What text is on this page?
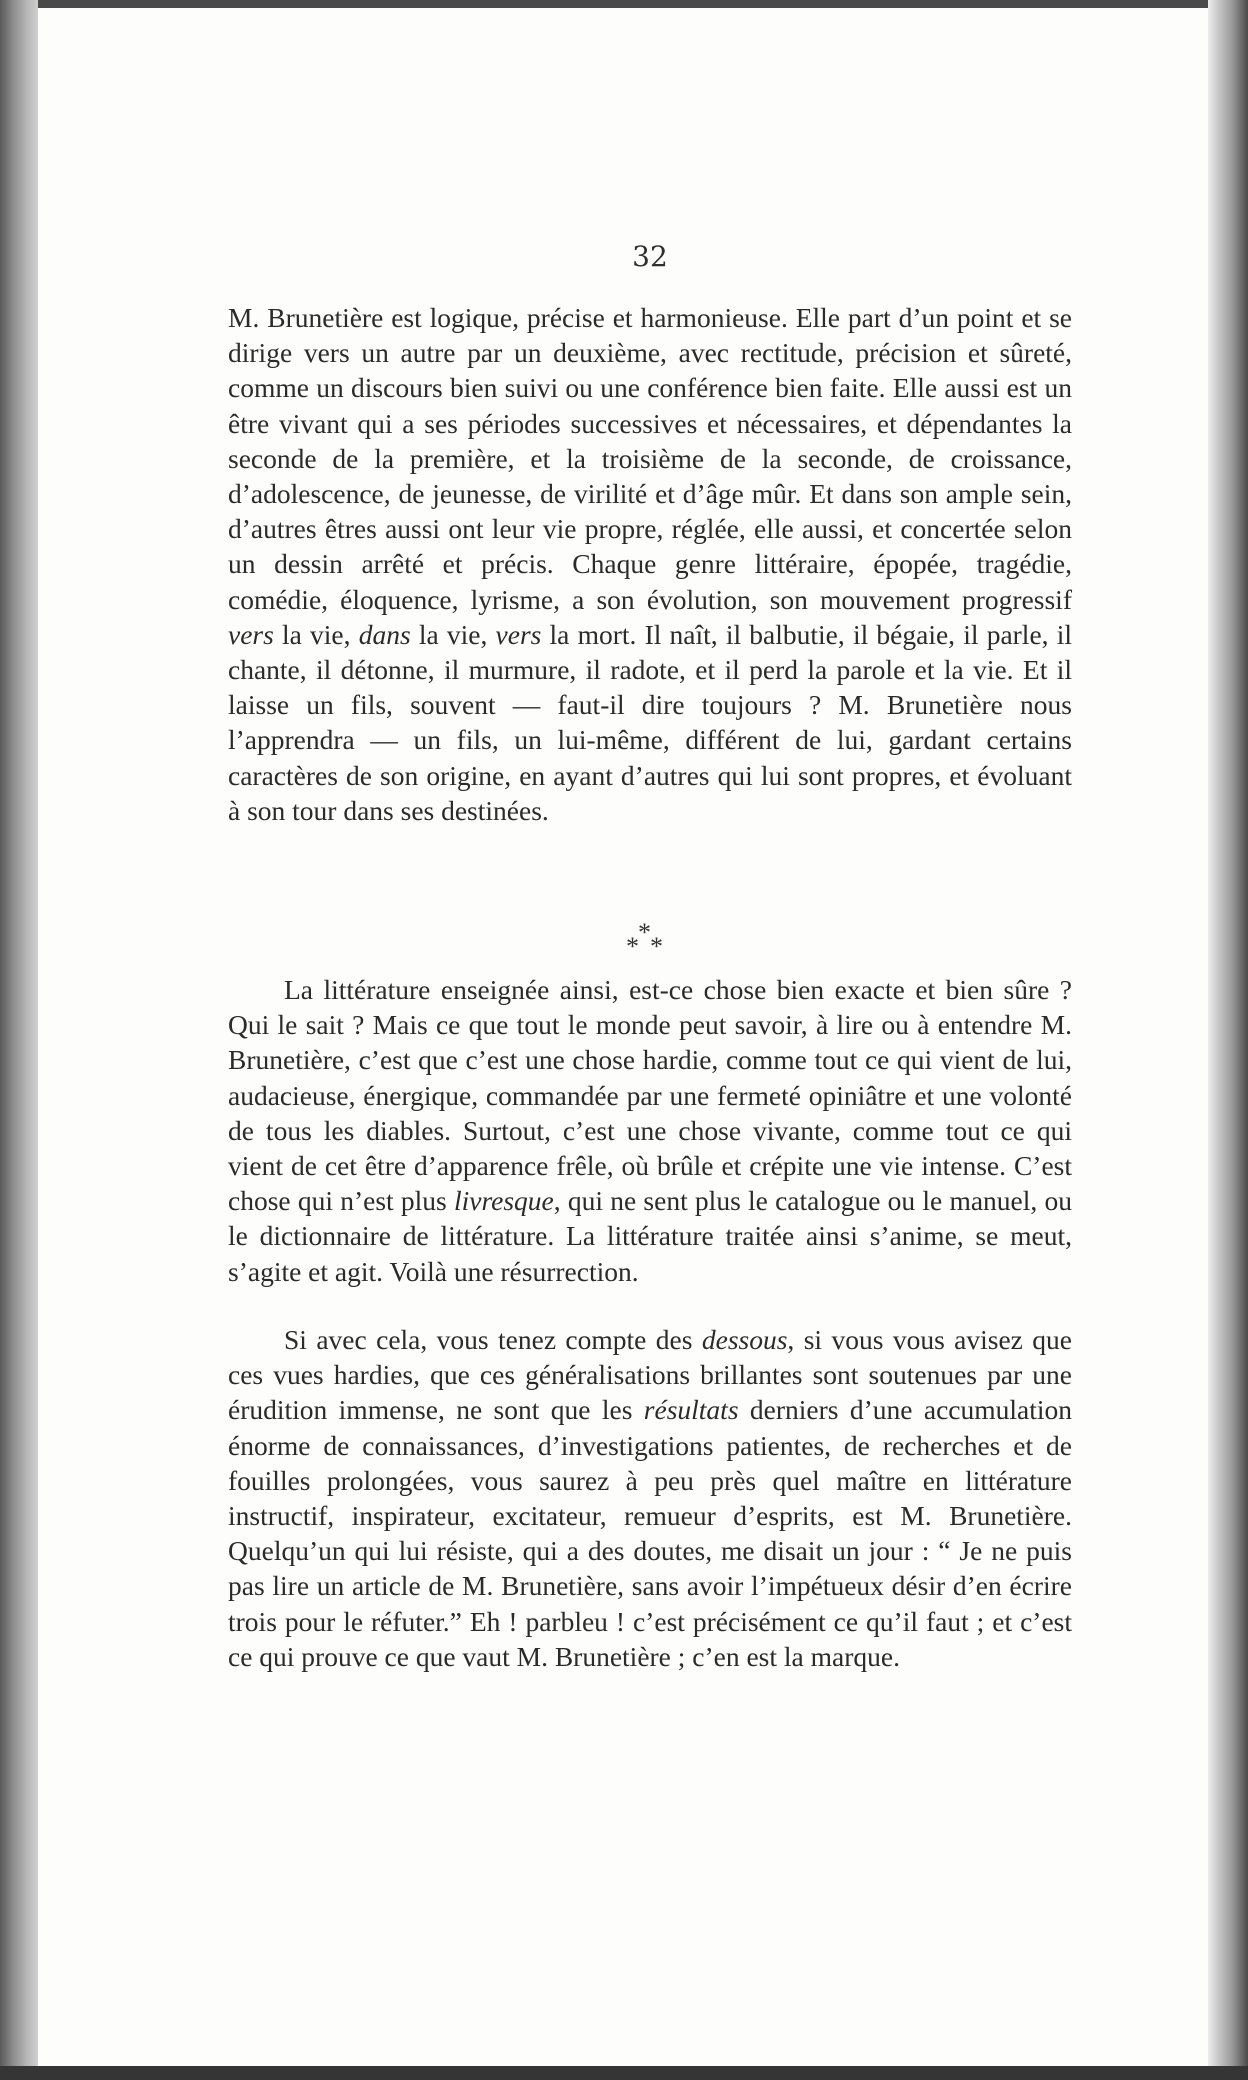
32

M. Brunetière est logique, précise et harmonieuse. Elle part d’un point et se dirige vers un autre par un deuxième, avec rectitude, précision et sûreté, comme un discours bien suivi ou une conférence bien faite. Elle aussi est un être vivant qui a ses périodes successives et nécessaires, et dépendantes la seconde de la première, et la troisième de la seconde, de croissance, d’adolescence, de jeunesse, de virilité et d’âge mûr. Et dans son ample sein, d’autres êtres aussi ont leur vie propre, réglée, elle aussi, et concertée selon un dessin arrêté et précis. Chaque genre littéraire, épopée, tragédie, comédie, éloquence, lyrisme, a son évolution, son mouvement progressif vers la vie, dans la vie, vers la mort. Il naît, il balbutie, il bégaie, il parle, il chante, il détonne, il murmure, il radote, et il perd la parole et la vie. Et il laisse un fils, souvent — faut-il dire toujours ? M. Brunetière nous l’apprendra — un fils, un lui-même, différent de lui, gardant certains caractères de son origine, en ayant d’autres qui lui sont propres, et évoluant à son tour dans ses destinées.

*
* *

La littérature enseignée ainsi, est-ce chose bien exacte et bien sûre ? Qui le sait ? Mais ce que tout le monde peut savoir, à lire ou à entendre M. Brunetière, c’est que c’est une chose hardie, comme tout ce qui vient de lui, audacieuse, énergique, commandée par une fermeté opiniâtre et une volonté de tous les diables. Surtout, c’est une chose vivante, comme tout ce qui vient de cet être d’apparence frêle, où brûle et crépite une vie intense. C’est chose qui n’est plus livresque, qui ne sent plus le catalogue ou le manuel, ou le dictionnaire de littérature. La littérature traitée ainsi s’anime, se meut, s’agite et agit. Voilà une résurrection.

Si avec cela, vous tenez compte des dessous, si vous vous avisez que ces vues hardies, que ces généralisations brillantes sont soutenues par une érudition immense, ne sont que les résultats derniers d’une accumulation énorme de connaissances, d’investigations patientes, de recherches et de fouilles prolongées, vous saurez à peu près quel maître en littérature instructif, inspirateur, excitateur, remueur d’esprits, est M. Brunetière. Quelqu’un qui lui résiste, qui a des doutes, me disait un jour : “ Je ne puis pas lire un article de M. Brunetière, sans avoir l’impétueux désir d’en écrire trois pour le réfuter.” Eh ! parbleu ! c’est précisément ce qu’il faut ; et c’est ce qui prouve ce que vaut M. Brunetière ; c’en est la marque.
